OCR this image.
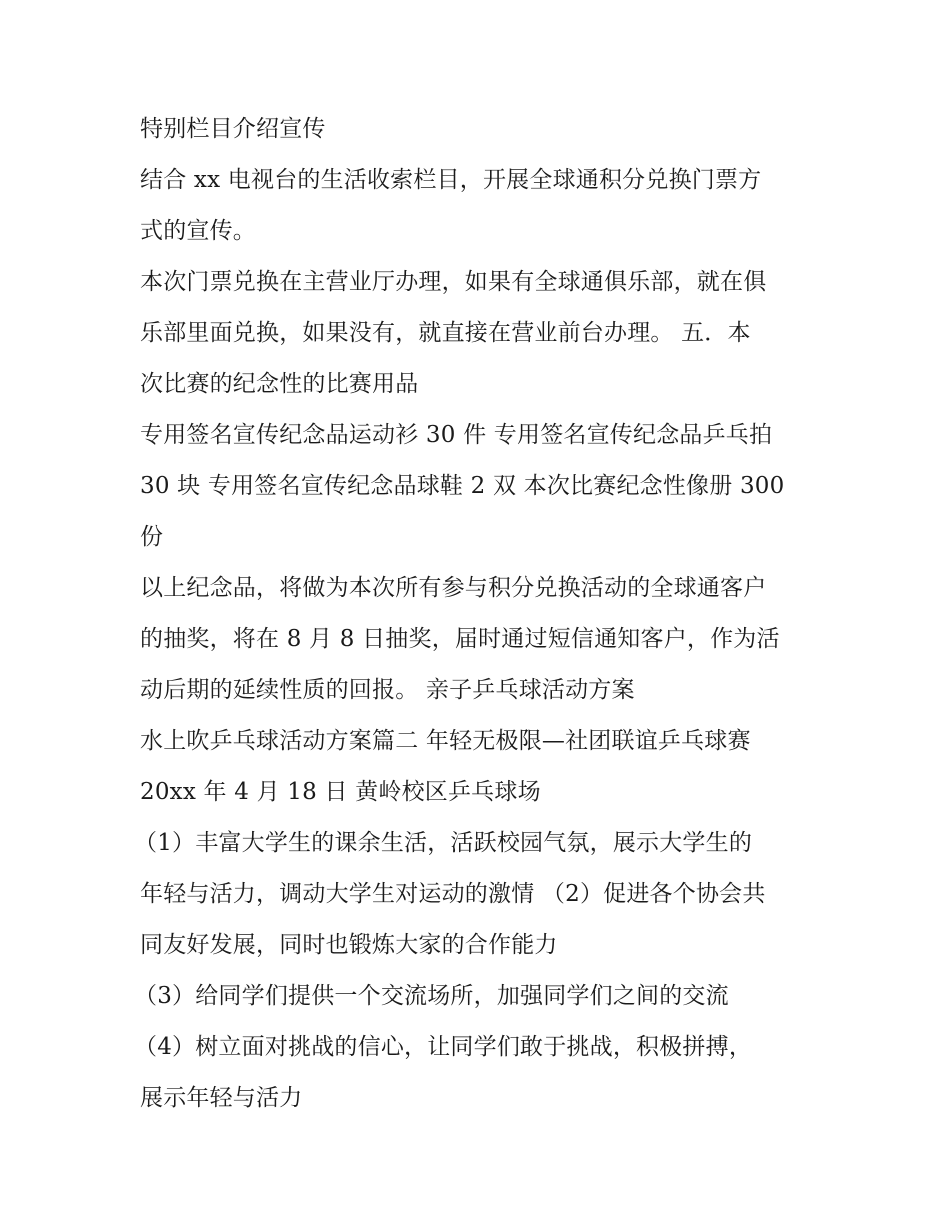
特别栏目介绍宣传
结合 xx 电视台的生活收索栏目，开展全球通积分兑换门票方
式的宣传。
本次门票兑换在主营业厅办理，如果有全球通俱乐部，就在俱
乐部里面兑换，如果没有，就直接在营业前台办理。 五．本
次比赛的纪念性的比赛用品
专用签名宣传纪念品运动衫 30 件 专用签名宣传纪念品乒乓拍
30 块 专用签名宣传纪念品球鞋 2 双 本次比赛纪念性像册 300
份
以上纪念品，将做为本次所有参与积分兑换活动的全球通客户
的抽奖，将在 8 月 8 日抽奖，届时通过短信通知客户，作为活
动后期的延续性质的回报。 亲子乒乓球活动方案
水上吹乒乓球活动方案篇二 年轻无极限—社团联谊乒乓球赛
20xx 年 4 月 18 日 黄岭校区乒乓球场
（1）丰富大学生的课余生活，活跃校园气氛，展示大学生的
年轻与活力，调动大学生对运动的激情 （2）促进各个协会共
同友好发展，同时也锻炼大家的合作能力
（3）给同学们提供一个交流场所，加强同学们之间的交流
（4）树立面对挑战的信心，让同学们敢于挑战，积极拼搏，
展示年轻与活力
